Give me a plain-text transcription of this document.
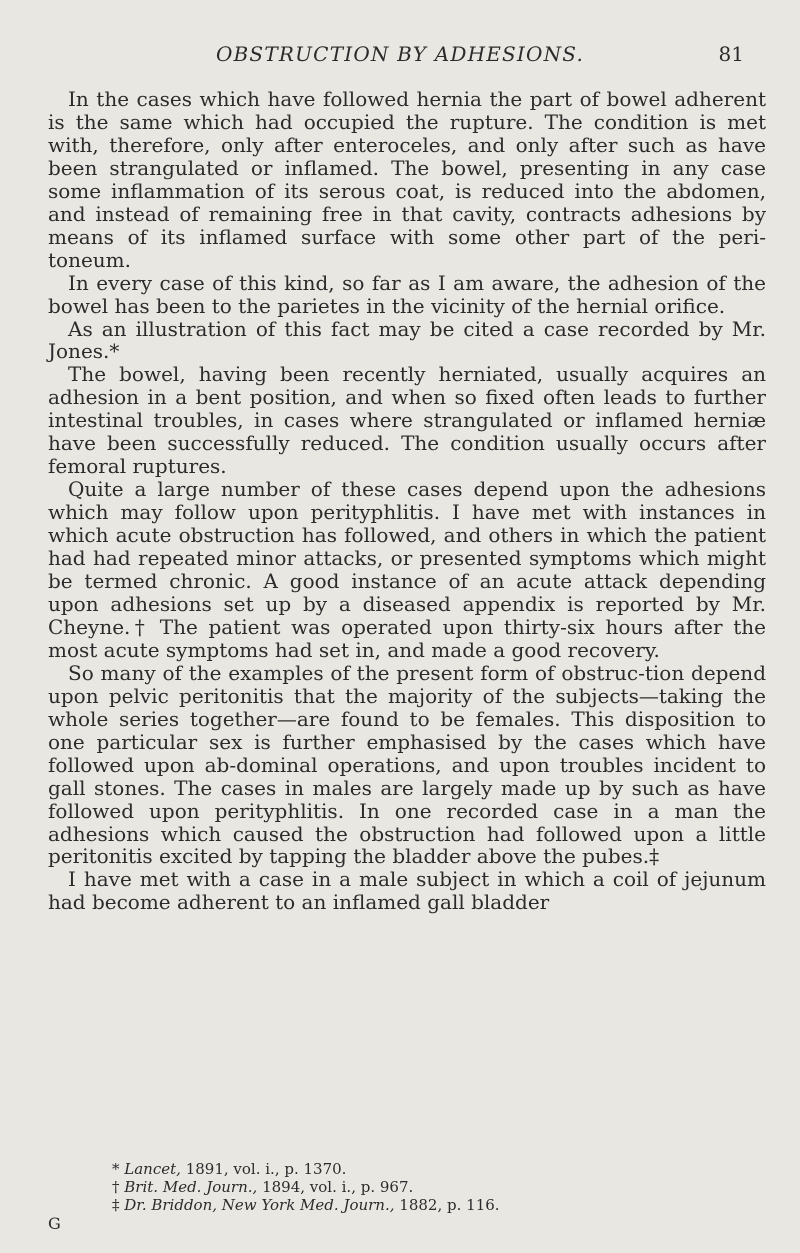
OBSTRUCTION BY ADHESIONS.	81

In the cases which have followed hernia the part of bowel adherent is the same which had occupied the rupture. The condition is met with, therefore, only after enteroceles, and only after such as have been strangulated or inflamed. The bowel, presenting in any case some inflammation of its serous coat, is reduced into the abdomen, and instead of remaining free in that cavity, contracts adhesions by means of its inflamed surface with some other part of the peri-toneum.

In every case of this kind, so far as I am aware, the adhesion of the bowel has been to the parietes in the vicinity of the hernial orifice.

As an illustration of this fact may be cited a case recorded by Mr. Jones.*

The bowel, having been recently herniated, usually acquires an adhesion in a bent position, and when so fixed often leads to further intestinal troubles, in cases where strangulated or inflamed herniæ have been successfully reduced. The condition usually occurs after femoral ruptures.

Quite a large number of these cases depend upon the adhesions which may follow upon perityphlitis. I have met with instances in which acute obstruction has followed, and others in which the patient had had repeated minor attacks, or presented symptoms which might be termed chronic. A good instance of an acute attack depending upon adhesions set up by a diseased appendix is reported by Mr. Cheyne.† The patient was operated upon thirty-six hours after the most acute symptoms had set in, and made a good recovery.

So many of the examples of the present form of obstruc-tion depend upon pelvic peritonitis that the majority of the subjects—taking the whole series together—are found to be females. This disposition to one particular sex is further emphasised by the cases which have followed upon ab-dominal operations, and upon troubles incident to gall stones. The cases in males are largely made up by such as have followed upon perityphlitis. In one recorded case in a man the adhesions which caused the obstruction had followed upon a little peritonitis excited by tapping the bladder above the pubes.‡

I have met with a case in a male subject in which a coil of jejunum had become adherent to an inflamed gall bladder

* Lancet, 1891, vol. i., p. 1370.

† Brit. Med. Journ., 1894, vol. i., p. 967.

‡ Dr. Briddon, New York Med. Journ., 1882, p. 116.

G
